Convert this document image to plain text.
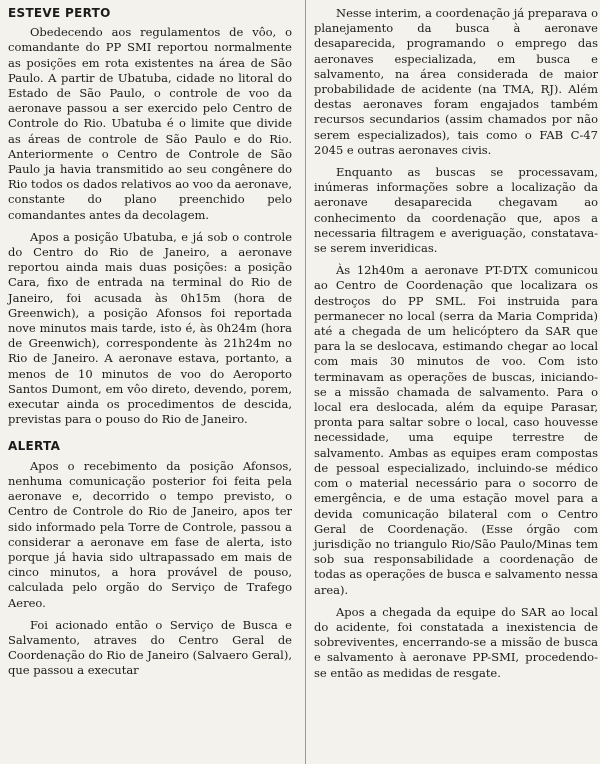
ESTEVE PERTO

Obedecendo aos regulamentos de vôo, o comandante do PP SMI reportou normalmente as posições em rota existentes na área de São Paulo. A partir de Ubatuba, cidade no litoral do Estado de São Paulo, o controle de voo da aeronave passou a ser exercido pelo Centro de Controle do Rio. Ubatuba é o limite que divide as áreas de controle de São Paulo e do Rio. Anteriormente o Centro de Controle de São Paulo ja havia transmitido ao seu congênere do Rio todos os dados relativos ao voo da aeronave, constante do plano preenchido pelo comandantes antes da decolagem.

Apos a posição Ubatuba, e já sob o controle do Centro do Rio de Janeiro, a aeronave reportou ainda mais duas posições: a posição Cara, fixo de entrada na terminal do Rio de Janeiro, foi acusada às 0h15m (hora de Greenwich), a posição Afonsos foi reportada nove minutos mais tarde, isto é, às 0h24m (hora de Greenwich), correspondente às 21h24m no Rio de Janeiro. A aeronave estava, portanto, a menos de 10 minutos de voo do Aeroporto Santos Dumont, em vôo direto, devendo, porem, executar ainda os procedimentos de descida, previstas para o pouso do Rio de Janeiro.

ALERTA

Apos o recebimento da posição Afonsos, nenhuma comunicação posterior foi feita pela aeronave e, decorrido o tempo previsto, o Centro de Controle do Rio de Janeiro, apos ter sido informado pela Torre de Controle, passou a considerar a aeronave em fase de alerta, isto porque já havia sido ultrapassado em mais de cinco minutos, a hora provável de pouso, calculada pelo orgão do Serviço de Trafego Aereo.

Foi acionado então o Serviço de Busca e Salvamento, atraves do Centro Geral de Coordenação do Rio de Janeiro (Salvaero Geral), que passou a executar

Nesse interim, a coordenação já preparava o planejamento da busca à aeronave desaparecida, programando o emprego das aeronaves especializada, em busca e salvamento, na área considerada de maior probabilidade de acidente (na TMA, RJ). Além destas aeronaves foram engajados também recursos secundarios (assim chamados por não serem especializados), tais como o FAB C-47 2045 e outras aeronaves civis.

Enquanto as buscas se processavam, inúmeras informações sobre a localização da aeronave desaparecida chegavam ao conhecimento da coordenação que, apos a necessaria filtragem e averiguação, constatava-se serem inveridicas.

Às 12h40m a aeronave PT-DTX comunicou ao Centro de Coordenação que localizara os destroços do PP SML. Foi instruida para permanecer no local (serra da Maria Comprida) até a chegada de um helicóptero da SAR que para la se deslocava, estimando chegar ao local com mais 30 minutos de voo. Com isto terminavam as operações de buscas, iniciando-se a missão chamada de salvamento. Para o local era deslocada, além da equipe Parasar, pronta para saltar sobre o local, caso houvesse necessidade, uma equipe terrestre de salvamento. Ambas as equipes eram compostas de pessoal especializado, incluindo-se médico com o material necessário para o socorro de emergência, e de uma estação movel para a devida comunicação bilateral com o Centro Geral de Coordenação. (Esse órgão com jurisdição no triangulo Rio/São Paulo/Minas tem sob sua responsabilidade a coordenação de todas as operações de busca e salvamento nessa area).

Apos a chegada da equipe do SAR ao local do acidente, foi constatada a inexistencia de sobreviventes, encerrando-se a missão de busca e salvamento à aeronave PP-SMI, procedendo-se então as medidas de resgate.
